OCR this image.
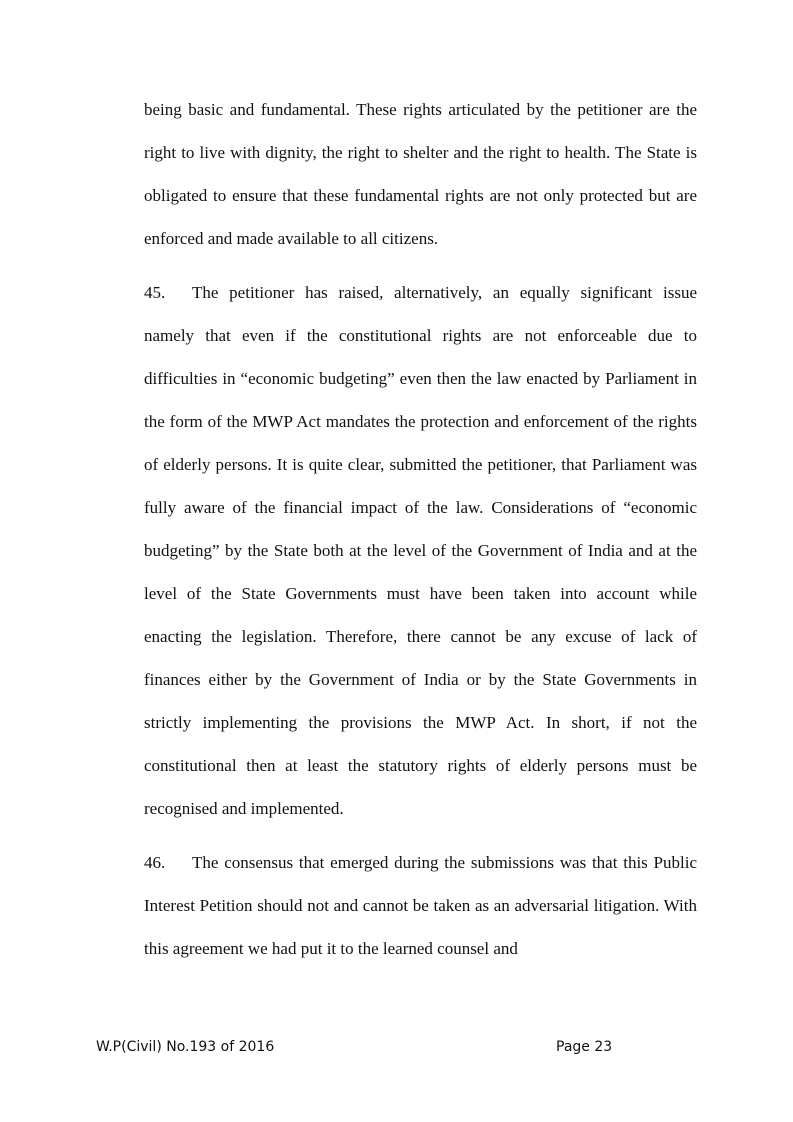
being basic and fundamental. These rights articulated by the petitioner are the right to live with dignity, the right to shelter and the right to health. The State is obligated to ensure that these fundamental rights are not only protected but are enforced and made available to all citizens.

45. The petitioner has raised, alternatively, an equally significant issue namely that even if the constitutional rights are not enforceable due to difficulties in “economic budgeting” even then the law enacted by Parliament in the form of the MWP Act mandates the protection and enforcement of the rights of elderly persons. It is quite clear, submitted the petitioner, that Parliament was fully aware of the financial impact of the law. Considerations of “economic budgeting” by the State both at the level of the Government of India and at the level of the State Governments must have been taken into account while enacting the legislation. Therefore, there cannot be any excuse of lack of finances either by the Government of India or by the State Governments in strictly implementing the provisions the MWP Act. In short, if not the constitutional then at least the statutory rights of elderly persons must be recognised and implemented.

46. The consensus that emerged during the submissions was that this Public Interest Petition should not and cannot be taken as an adversarial litigation. With this agreement we had put it to the learned counsel and

W.P(Civil) No.193 of 2016	Page 23
